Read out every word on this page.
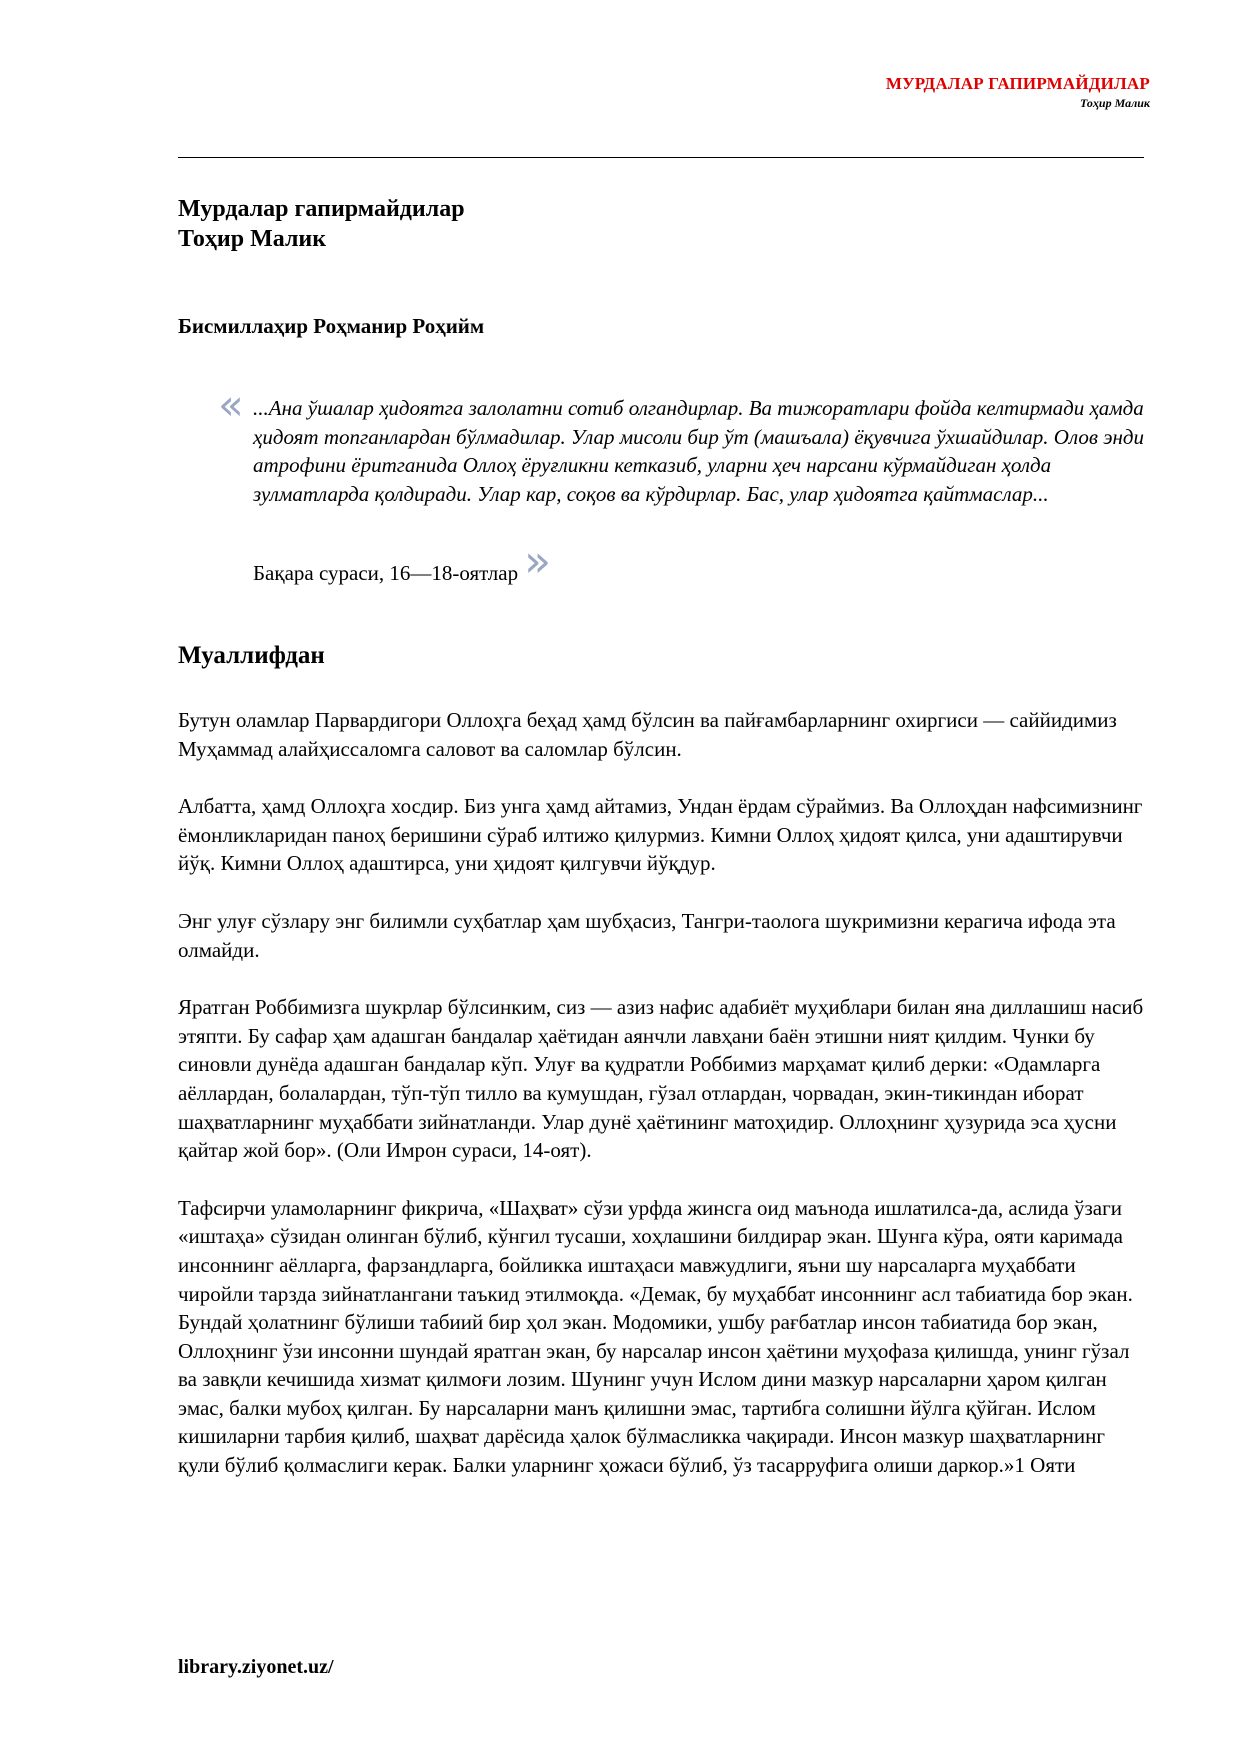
МУРДАЛАР ГАПИРМАЙДИЛАР
Тоҳир Малик

Мурдалар гапирмайдилар
Тоҳир Малик

Бисмиллаҳир Роҳманир Роҳийм

« ...Ана ўшалар ҳидоятга залолатни сотиб олгандирлар. Ва тижоратлари фойда келтирмади ҳамда ҳидоят топганлардан бўлмадилар. Улар мисоли бир ўт (машъала) ёқувчига ўхшайдилар. Олов энди атрофини ёритганида Оллоҳ ёруғликни кетказиб, уларни ҳеч нарсани кўрмайдиган ҳолда зулматларда қолдиради. Улар кар, соқов ва кўрдирлар. Бас, улар ҳидоятга қайтмаслар...

Бақара сураси, 16—18-оятлар »
Муаллифдан

Бутун оламлар Парвардигори Оллоҳга беҳад ҳамд бўлсин ва пайғамбарларнинг охиргиси — саййидимиз Муҳаммад алайҳиссаломга саловот ва саломлар бўлсин.

Албатта, ҳамд Оллоҳга хосдир. Биз унга ҳамд айтамиз, Ундан ёрдам сўраймиз. Ва Оллоҳдан нафсимизнинг ёмонликларидан паноҳ беришини сўраб илтижо қилурмиз. Кимни Оллоҳ ҳидоят қилса, уни адаштирувчи йўқ. Кимни Оллоҳ адаштирса, уни ҳидоят қилгувчи йўқдур.

Энг улуғ сўзлару энг билимли суҳбатлар ҳам шубҳасиз, Тангри-таологa шукримизни керагича ифода эта олмайди.

Яратган Роббимизга шукрлар бўлсинким, сиз — азиз нафис адабиёт муҳиблари билан яна диллашиш насиб этяпти. Бу сафар ҳам адашган бандалар ҳаётидан аянчли лавҳани баён этишни ният қилдим. Чунки бу синовли дунёда адашган бандалар кўп. Улуғ ва қудратли Роббимиз марҳамат қилиб дерки: «Одамларга аёллардан, болалардан, тўп-тўп тилло ва кумушдан, гўзал отлардан, чорвадан, экин-тикиндан иборат шаҳватларнинг муҳаббати зийнатланди. Улар дунё ҳаётининг матоҳидир. Оллоҳнинг ҳузурида эса ҳусни қайтар жой бор». (Оли Имрон сураси, 14-оят).

Тафсирчи уламоларнинг фикрича, «Шаҳват» сўзи урфда жинсга оид маънода ишлатилса-да, аслида ўзаги «иштаҳа» сўзидан олинган бўлиб, кўнгил тусаши, хоҳлашини билдирар экан. Шунга кўра, ояти каримада инсоннинг аёлларга, фарзандларга, бойликка иштаҳаси мавжудлиги, яъни шу нарсаларга муҳаббати чиройли тарзда зийнатлангани таъкид этилмоқда. «Демак, бу муҳаббат инсоннинг асл табиатида бор экан. Бундай ҳолатнинг бўлиши табиий бир ҳол экан. Модомики, ушбу рағбатлар инсон табиатида бор экан, Оллоҳнинг ўзи инсонни шундай яратган экан, бу нарсалар инсон ҳаётини муҳофаза қилишда, унинг гўзал ва завқли кечишида хизмат қилмоғи лозим. Шунинг учун Ислом дини мазкур нарсаларни ҳаром қилган эмас, балки мубоҳ қилган. Бу нарсаларни манъ қилишни эмас, тартибга солишни йўлга қўйган. Ислом кишиларни тарбия қилиб, шаҳват дарёсида ҳалок бўлмасликка чақиради. Инсон мазкур шаҳватларнинг қули бўлиб қолмаслиги керак. Балки уларнинг ҳожаси бўлиб, ўз тасарруфига олиши даркор.»1 Ояти

library.ziyonet.uz/
